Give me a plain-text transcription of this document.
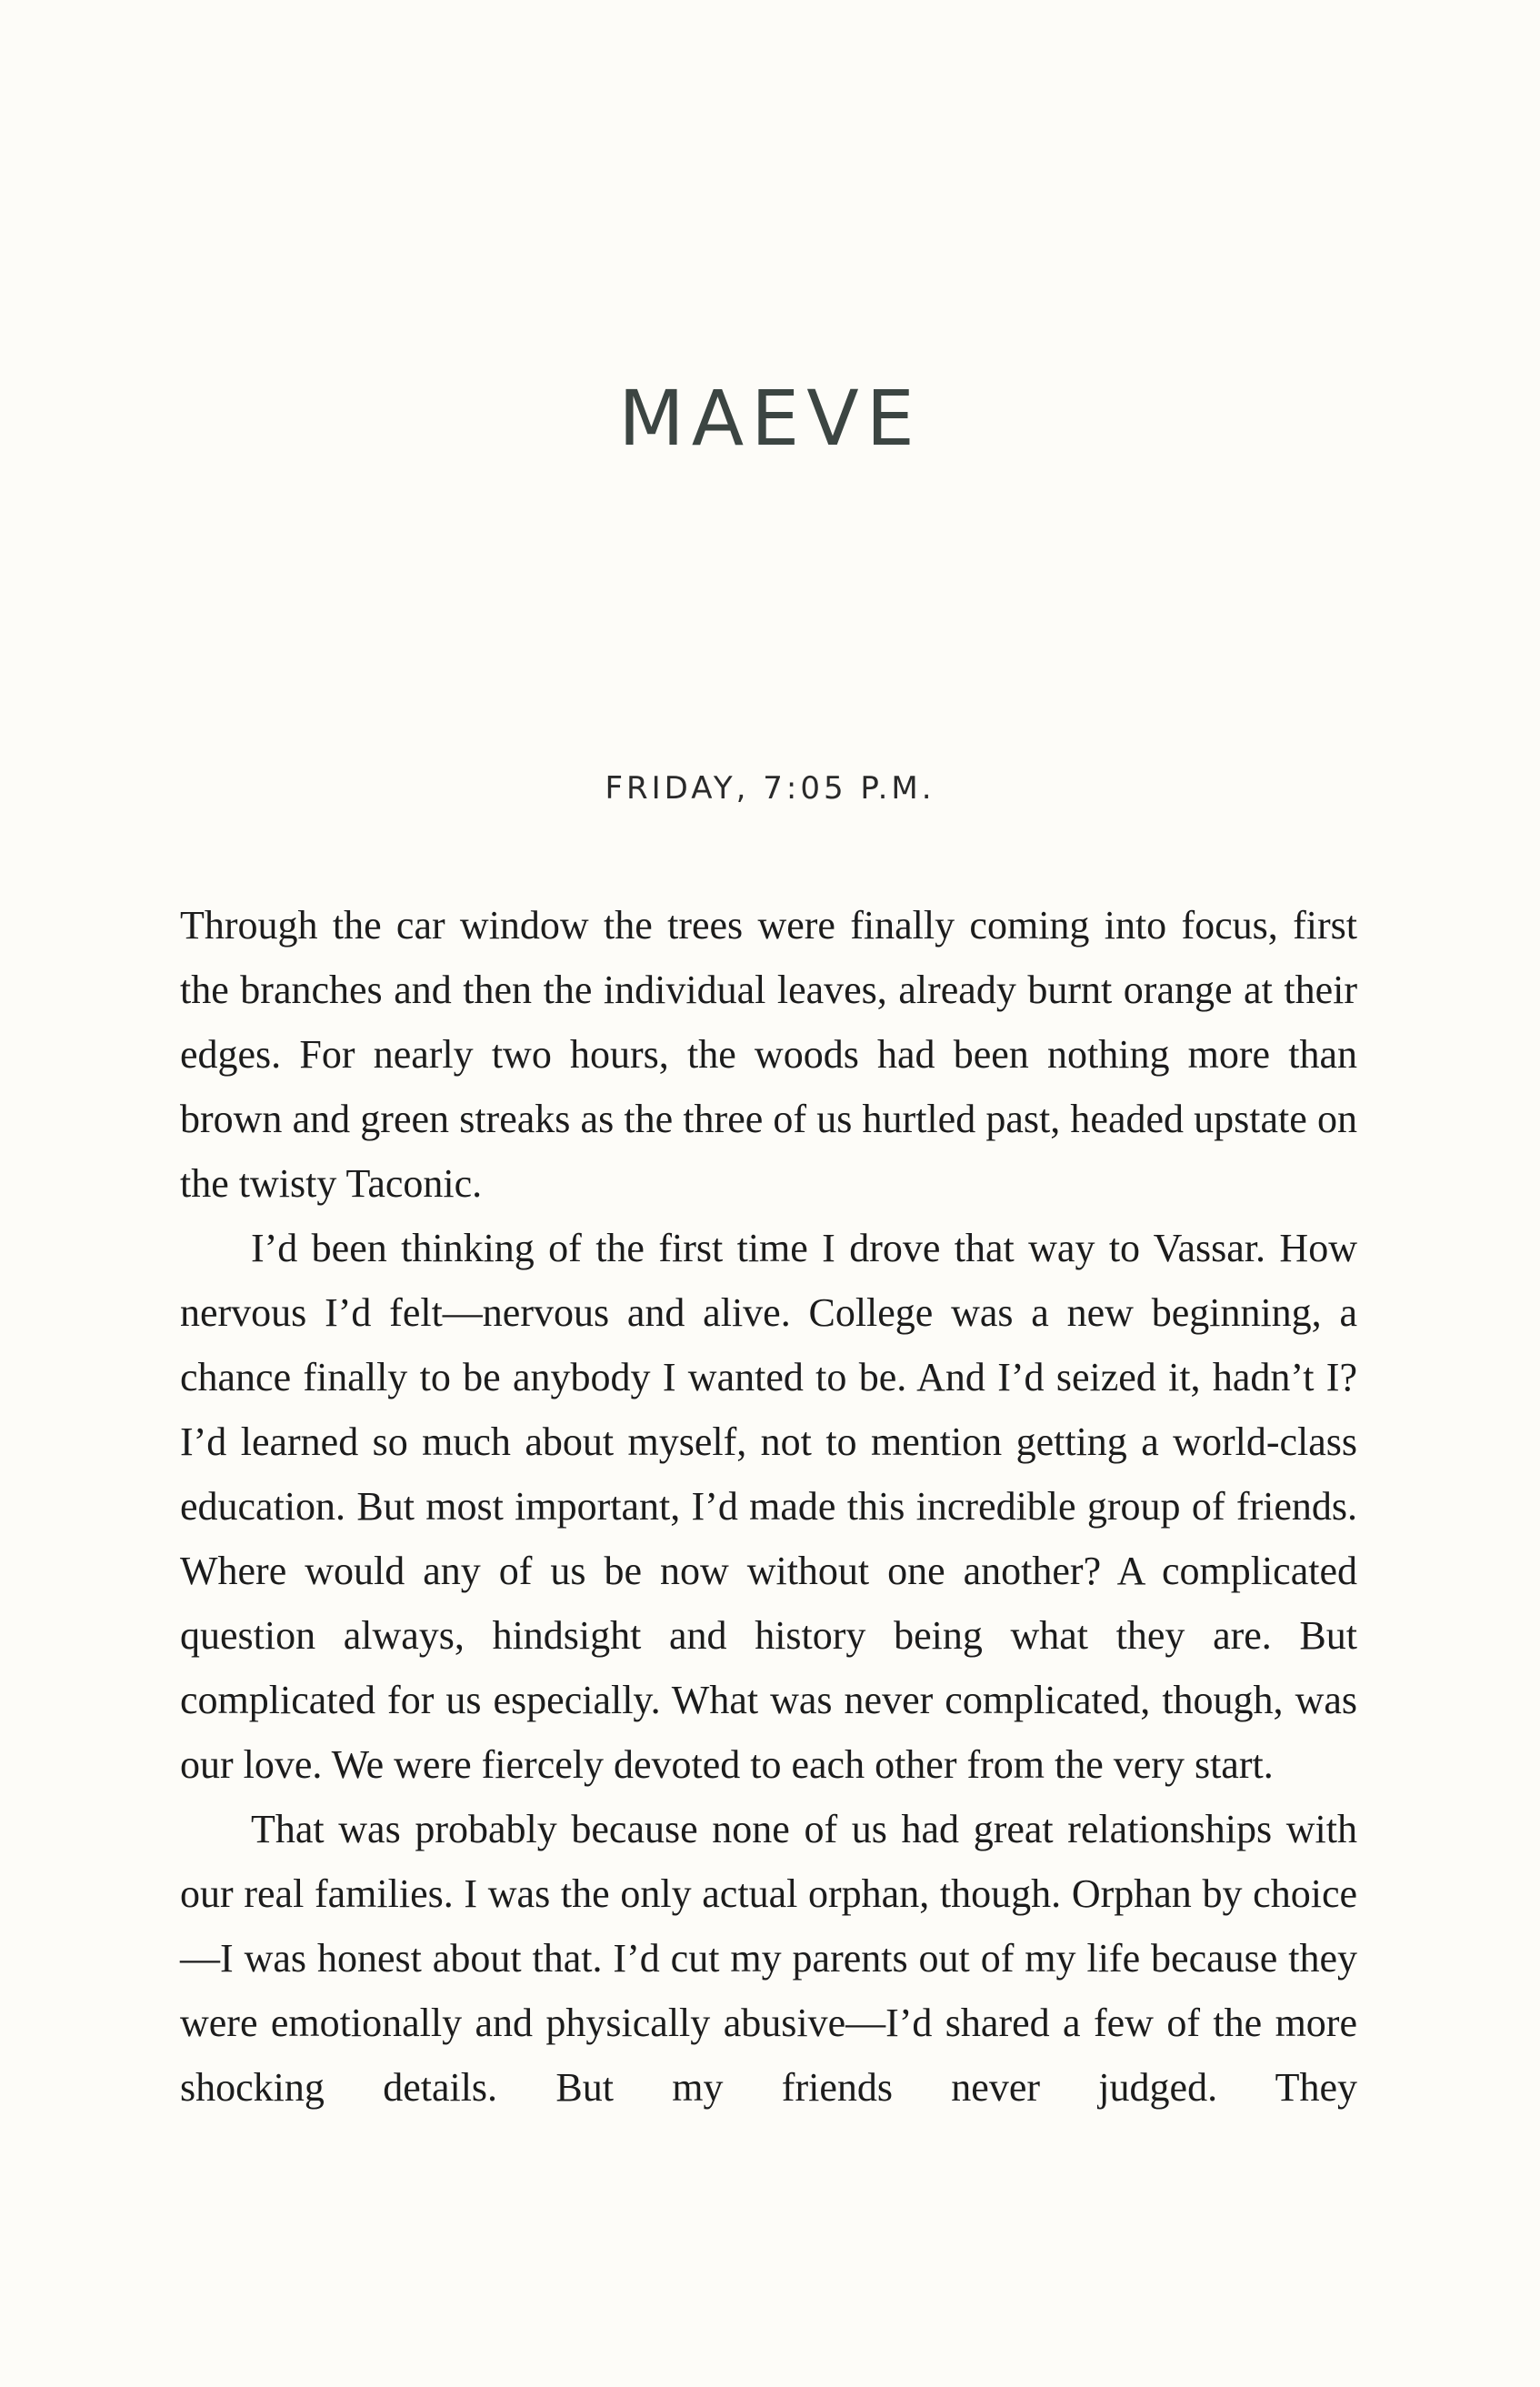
MAEVE
FRIDAY, 7:05 P.M.

Through the car window the trees were finally coming into focus, first the branches and then the individual leaves, already burnt orange at their edges. For nearly two hours, the woods had been nothing more than brown and green streaks as the three of us hurtled past, headed upstate on the twisty Taconic.

I’d been thinking of the first time I drove that way to Vassar. How nervous I’d felt—nervous and alive. College was a new beginning, a chance finally to be anybody I wanted to be. And I’d seized it, hadn’t I? I’d learned so much about myself, not to mention getting a world-class education. But most important, I’d made this incredible group of friends. Where would any of us be now without one another? A complicated question always, hindsight and history being what they are. But complicated for us especially. What was never complicated, though, was our love. We were fiercely devoted to each other from the very start.

That was probably because none of us had great relationships with our real families. I was the only actual orphan, though. Orphan by choice—I was honest about that. I’d cut my parents out of my life because they were emotionally and physically abusive—I’d shared a few of the more shocking details. But my friends never judged. They
